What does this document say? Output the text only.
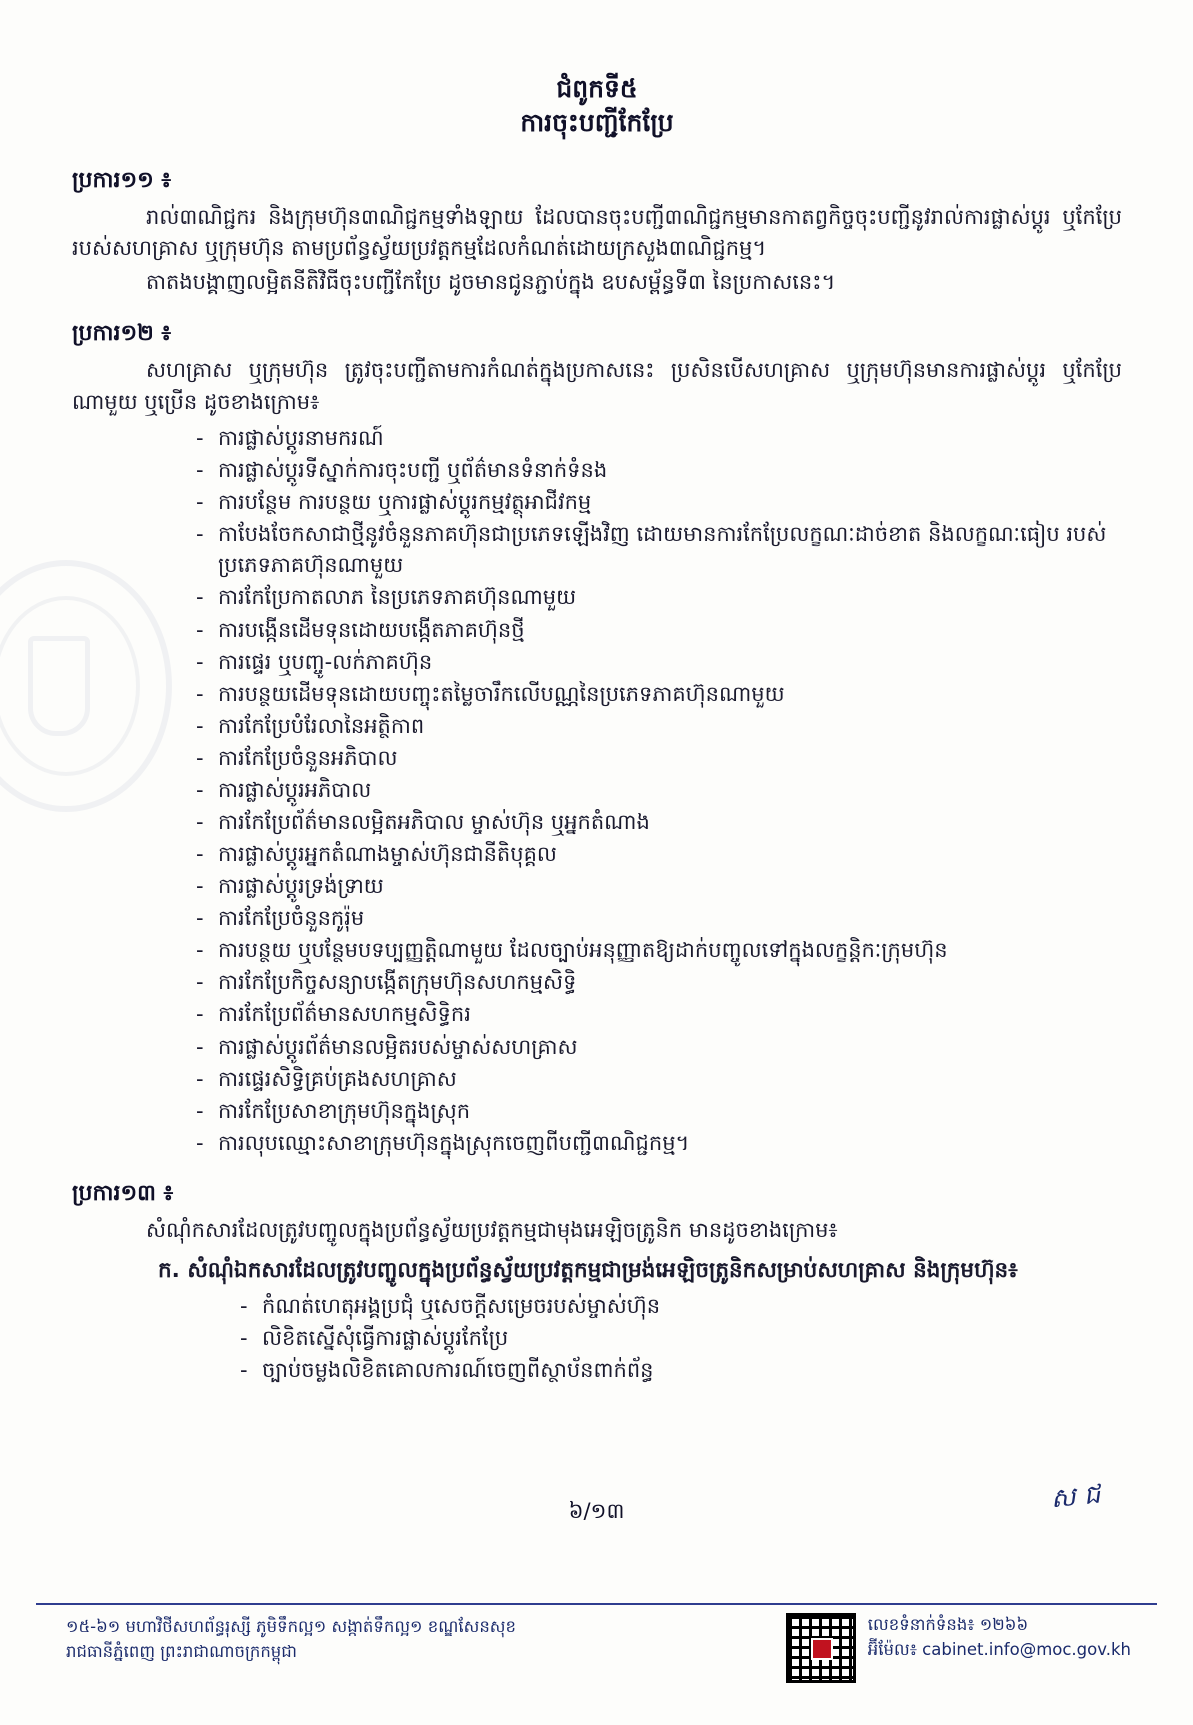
ជំពូកទី៥
ការចុះបញ្ជីកែប្រែ
ប្រការ១១ ៖

រាល់៣ណិជ្ជករ និងក្រុមហ៊ុន៣ណិជ្ជកម្មទាំងឡាយ ដែលបានចុះបញ្ជី៣ណិជ្ជកម្មមានកាតព្វកិច្ចចុះបញ្ជីនូវរាល់ការផ្លាស់ប្តូរ ឬកែប្រែរបស់សហគ្រាស ឬក្រុមហ៊ុន តាមប្រព័ន្ធស្វ័យប្រវត្តកម្មដែលកំណត់ដោយក្រសួង៣ណិជ្ជកម្ម។

តាតងបង្គាញលម្អិតនីតិវិធីចុះបញ្ជីកែប្រែ ដូចមានជូនភ្ជាប់ក្នុង ឧបសម្ព័ន្ធទី៣ នៃប្រកាសនេះ។

ប្រការ១២ ៖

សហគ្រាស ឬក្រុមហ៊ុន ត្រូវចុះបញ្ជីតាមការកំណត់ក្នុងប្រកាសនេះ ប្រសិនបើសហគ្រាស ឬក្រុមហ៊ុនមានការផ្លាស់ប្តូរ ឬកែប្រែណាមួយ ឬប្រើន ដូចខាងក្រោម៖

- ការផ្លាស់ប្តូរនាមករណ៍
- ការផ្លាស់ប្តូរទីស្នាក់ការចុះបញ្ជី ឬព័ត៌មានទំនាក់ទំនង
- ការបន្ថែម ការបន្ថយ ឬការផ្លាស់ប្តូរកម្មវត្ថុអាជីវកម្ម
- កាបែងចែកសាជាថ្មីនូវចំនួនភាគហ៊ុនជាប្រភេទឡើងវិញ ដោយមានការកែប្រែលក្ខណៈដាច់ខាត និងលក្ខណៈធៀប របស់ប្រភេទភាគហ៊ុនណាមួយ
- ការកែប្រែកាតលាភ នៃប្រភេទភាគហ៊ុនណាមួយ
- ការបង្កើនដើមទុនដោយបង្កើតភាគហ៊ុនថ្មី
- ការផ្ទេរ ឬបញ្ចូ-លក់ភាគហ៊ុន
- ការបន្ថយដើមទុនដោយបញ្ចុះតម្លៃចារឹកលើបណ្ណនៃប្រភេទភាគហ៊ុនណាមួយ
- ការកែប្រែបំរែលានៃអត្ថិកាព
- ការកែប្រែចំនួនអភិបាល
- ការផ្លាស់ប្តូរអភិបាល
- ការកែប្រែព័ត៌មានលម្អិតអភិបាល ម្ចាស់ហ៊ុន ឬអ្នកតំណាង
- ការផ្លាស់ប្តូរអ្នកតំណាងម្ចាស់ហ៊ុនជានីតិបុគ្គល
- ការផ្លាស់ប្តូរទ្រង់ទ្រាយ
- ការកែប្រែចំនួនកូរ៉ុម
- ការបន្ថយ ឬបន្ថែមបទប្បញ្ញត្តិណាមួយ ដែលច្បាប់អនុញ្ញាតឱ្យដាក់បញ្ចូលទៅក្នុងលក្ខន្តិកៈក្រុមហ៊ុន
- ការកែប្រែកិច្ចសន្យាបង្កើតក្រុមហ៊ុនសហកម្មសិទ្ធិ
- ការកែប្រែព័ត៌មានសហកម្មសិទ្ធិករ
- ការផ្លាស់ប្តូរព័ត៌មានលម្អិតរបស់ម្ចាស់សហគ្រាស
- ការផ្ទេរសិទ្ធិគ្រប់គ្រងសហគ្រាស
- ការកែប្រែសាខាក្រុមហ៊ុនក្នុងស្រុក
- ការលុបឈ្មោះសាខាក្រុមហ៊ុនក្នុងស្រុកចេញពីបញ្ជី៣ណិជ្ជកម្ម។
ប្រការ១៣ ៖

សំណុំកសារដែលត្រូវបញ្ចូលក្នុងប្រព័ន្ធស្វ័យប្រវត្តកម្មជាមុងអេឡិចត្រូនិក មានដូចខាងក្រោម៖

ក. សំណុំឯកសារដែលត្រូវបញ្ចូលក្នុងប្រព័ន្ធស្វ័យប្រវត្តកម្មជាម្រង់អេឡិចត្រូនិកសម្រាប់សហគ្រាស និងក្រុមហ៊ុន៖
- កំណត់ហេតុអង្គប្រជុំ ឬសេចក្តីសម្រេចរបស់ម្ចាស់ហ៊ុន
- លិខិតស្នើសុំធ្វើការផ្លាស់ប្តូរកែប្រែ
- ច្បាប់ចម្លងលិខិតគោលការណ៍ចេញពីស្ថាប័នពាក់ព័ន្ធ
៦/១៣	ស ជ
១៥-៦១ មហាវិថីសហព័ន្ធរុស្សី ភូមិទឹកល្អ១ សង្កាត់ទឹកល្អ១ ខណ្ឌសែនសុខ
រាជធានីភ្នំពេញ ព្រះរាជាណាចក្រកម្ពុជា
លេខទំនាក់ទំនង៖ ១២៦៦
អ៊ីម៉ែល៖ cabinet.info@moc.gov.kh
